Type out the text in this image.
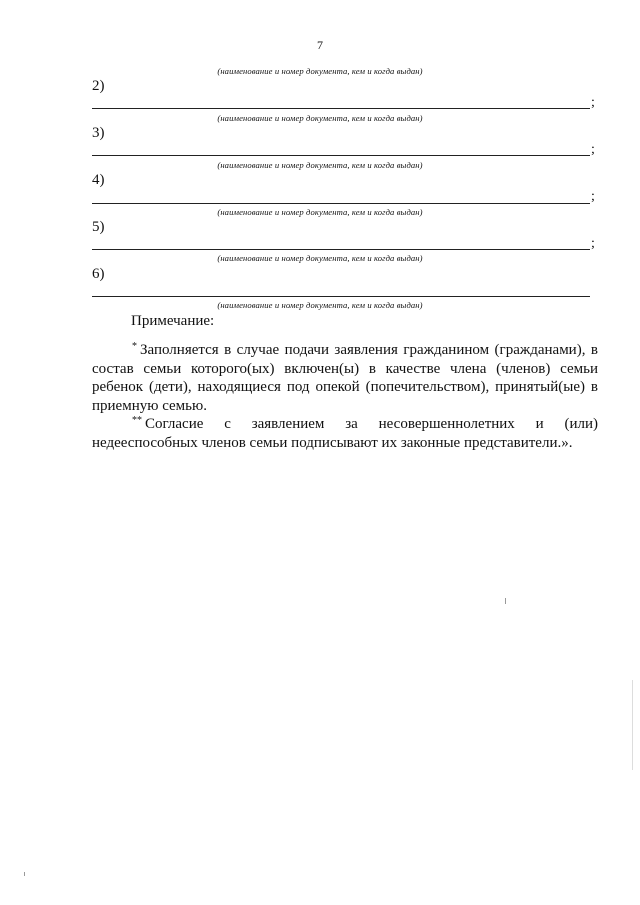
7
(наименование и номер документа, кем и когда выдан)
2)
;
(наименование и номер документа, кем и когда выдан)
3)
;
(наименование и номер документа, кем и когда выдан)
4)
;
(наименование и номер документа, кем и когда выдан)
5)
;
(наименование и номер документа, кем и когда выдан)
6)
(наименование и номер документа, кем и когда выдан)
Примечание:

* Заполняется в случае подачи заявления гражданином (гражданами), в состав семьи которого(ых) включен(ы) в качестве члена (членов) семьи ребенок (дети), находящиеся под опекой (попечительством), принятый(ые) в приемную семью.

** Согласие с заявлением за несовершеннолетних и (или)
недееспособных членов семьи подписывают их законные представители.».
